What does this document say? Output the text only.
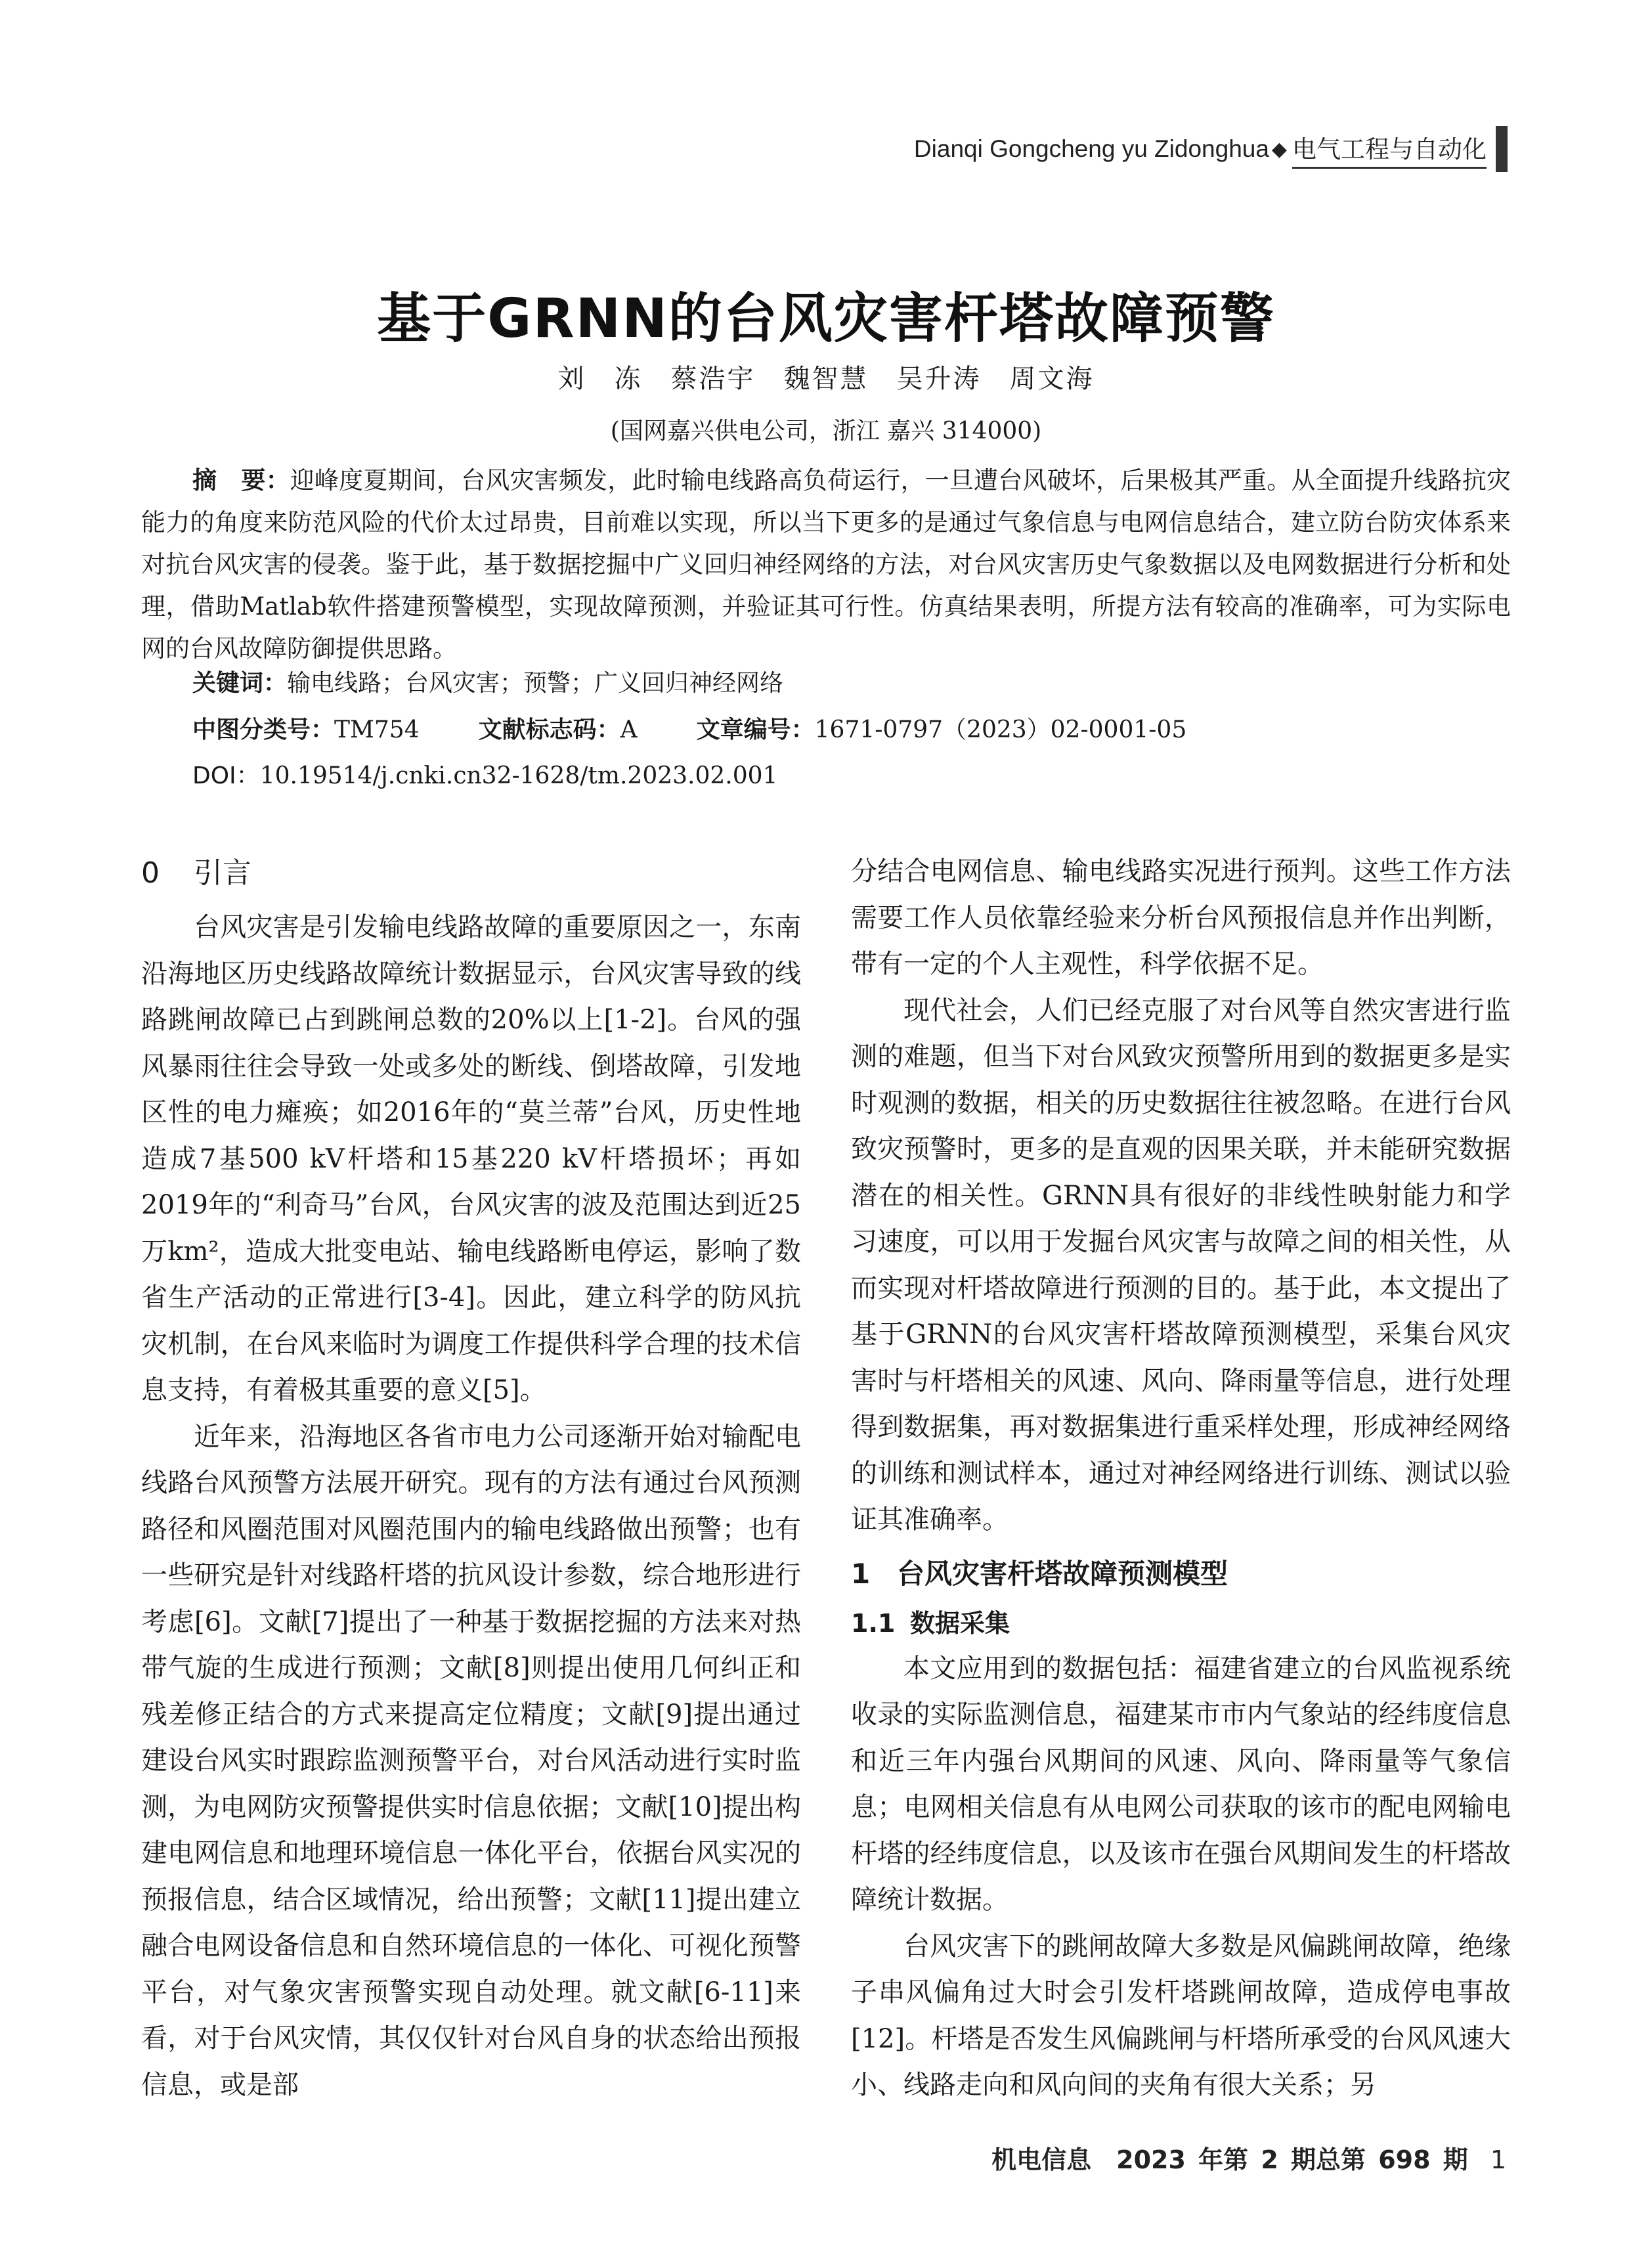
Dianqi Gongcheng yu Zidonghua ◆ 电气工程与自动化
基于GRNN的台风灾害杆塔故障预警
刘　冻　蔡浩宇　魏智慧　吴升涛　周文海
(国网嘉兴供电公司，浙江 嘉兴 314000)
摘　要：迎峰度夏期间，台风灾害频发，此时输电线路高负荷运行，一旦遭台风破坏，后果极其严重。从全面提升线路抗灾能力的角度来防范风险的代价太过昂贵，目前难以实现，所以当下更多的是通过气象信息与电网信息结合，建立防台防灾体系来对抗台风灾害的侵袭。鉴于此，基于数据挖掘中广义回归神经网络的方法，对台风灾害历史气象数据以及电网数据进行分析和处理，借助Matlab软件搭建预警模型，实现故障预测，并验证其可行性。仿真结果表明，所提方法有较高的准确率，可为实际电网的台风故障防御提供思路。
关键词：输电线路；台风灾害；预警；广义回归神经网络
中图分类号：TM754	文献标志码：A	文章编号：1671-0797（2023）02-0001-05
DOI：10.19514/j.cnki.cn32-1628/tm.2023.02.001
0 引言

台风灾害是引发输电线路故障的重要原因之一，东南沿海地区历史线路故障统计数据显示，台风灾害导致的线路跳闸故障已占到跳闸总数的20%以上[1-2]。台风的强风暴雨往往会导致一处或多处的断线、倒塔故障，引发地区性的电力瘫痪；如2016年的“莫兰蒂”台风，历史性地造成7基500 kV杆塔和15基220 kV杆塔损坏；再如2019年的“利奇马”台风，台风灾害的波及范围达到近25万km²，造成大批变电站、输电线路断电停运，影响了数省生产活动的正常进行[3-4]。因此，建立科学的防风抗灾机制，在台风来临时为调度工作提供科学合理的技术信息支持，有着极其重要的意义[5]。

近年来，沿海地区各省市电力公司逐渐开始对输配电线路台风预警方法展开研究。现有的方法有通过台风预测路径和风圈范围对风圈范围内的输电线路做出预警；也有一些研究是针对线路杆塔的抗风设计参数，综合地形进行考虑[6]。文献[7]提出了一种基于数据挖掘的方法来对热带气旋的生成进行预测；文献[8]则提出使用几何纠正和残差修正结合的方式来提高定位精度；文献[9]提出通过建设台风实时跟踪监测预警平台，对台风活动进行实时监测，为电网防灾预警提供实时信息依据；文献[10]提出构建电网信息和地理环境信息一体化平台，依据台风实况的预报信息，结合区域情况，给出预警；文献[11]提出建立融合电网设备信息和自然环境信息的一体化、可视化预警平台，对气象灾害预警实现自动处理。就文献[6-11]来看，对于台风灾情，其仅仅针对台风自身的状态给出预报信息，或是部

分结合电网信息、输电线路实况进行预判。这些工作方法需要工作人员依靠经验来分析台风预报信息并作出判断，带有一定的个人主观性，科学依据不足。

现代社会，人们已经克服了对台风等自然灾害进行监测的难题，但当下对台风致灾预警所用到的数据更多是实时观测的数据，相关的历史数据往往被忽略。在进行台风致灾预警时，更多的是直观的因果关联，并未能研究数据潜在的相关性。GRNN具有很好的非线性映射能力和学习速度，可以用于发掘台风灾害与故障之间的相关性，从而实现对杆塔故障进行预测的目的。基于此，本文提出了基于GRNN的台风灾害杆塔故障预测模型，采集台风灾害时与杆塔相关的风速、风向、降雨量等信息，进行处理得到数据集，再对数据集进行重采样处理，形成神经网络的训练和测试样本，通过对神经网络进行训练、测试以验证其准确率。

1 台风灾害杆塔故障预测模型
1.1 数据采集

本文应用到的数据包括：福建省建立的台风监视系统收录的实际监测信息，福建某市市内气象站的经纬度信息和近三年内强台风期间的风速、风向、降雨量等气象信息；电网相关信息有从电网公司获取的该市的配电网输电杆塔的经纬度信息，以及该市在强台风期间发生的杆塔故障统计数据。

台风灾害下的跳闸故障大多数是风偏跳闸故障，绝缘子串风偏角过大时会引发杆塔跳闸故障，造成停电事故[12]。杆塔是否发生风偏跳闸与杆塔所承受的台风风速大小、线路走向和风向间的夹角有很大关系；另

机电信息　2023 年第 2 期总第 698 期 1
